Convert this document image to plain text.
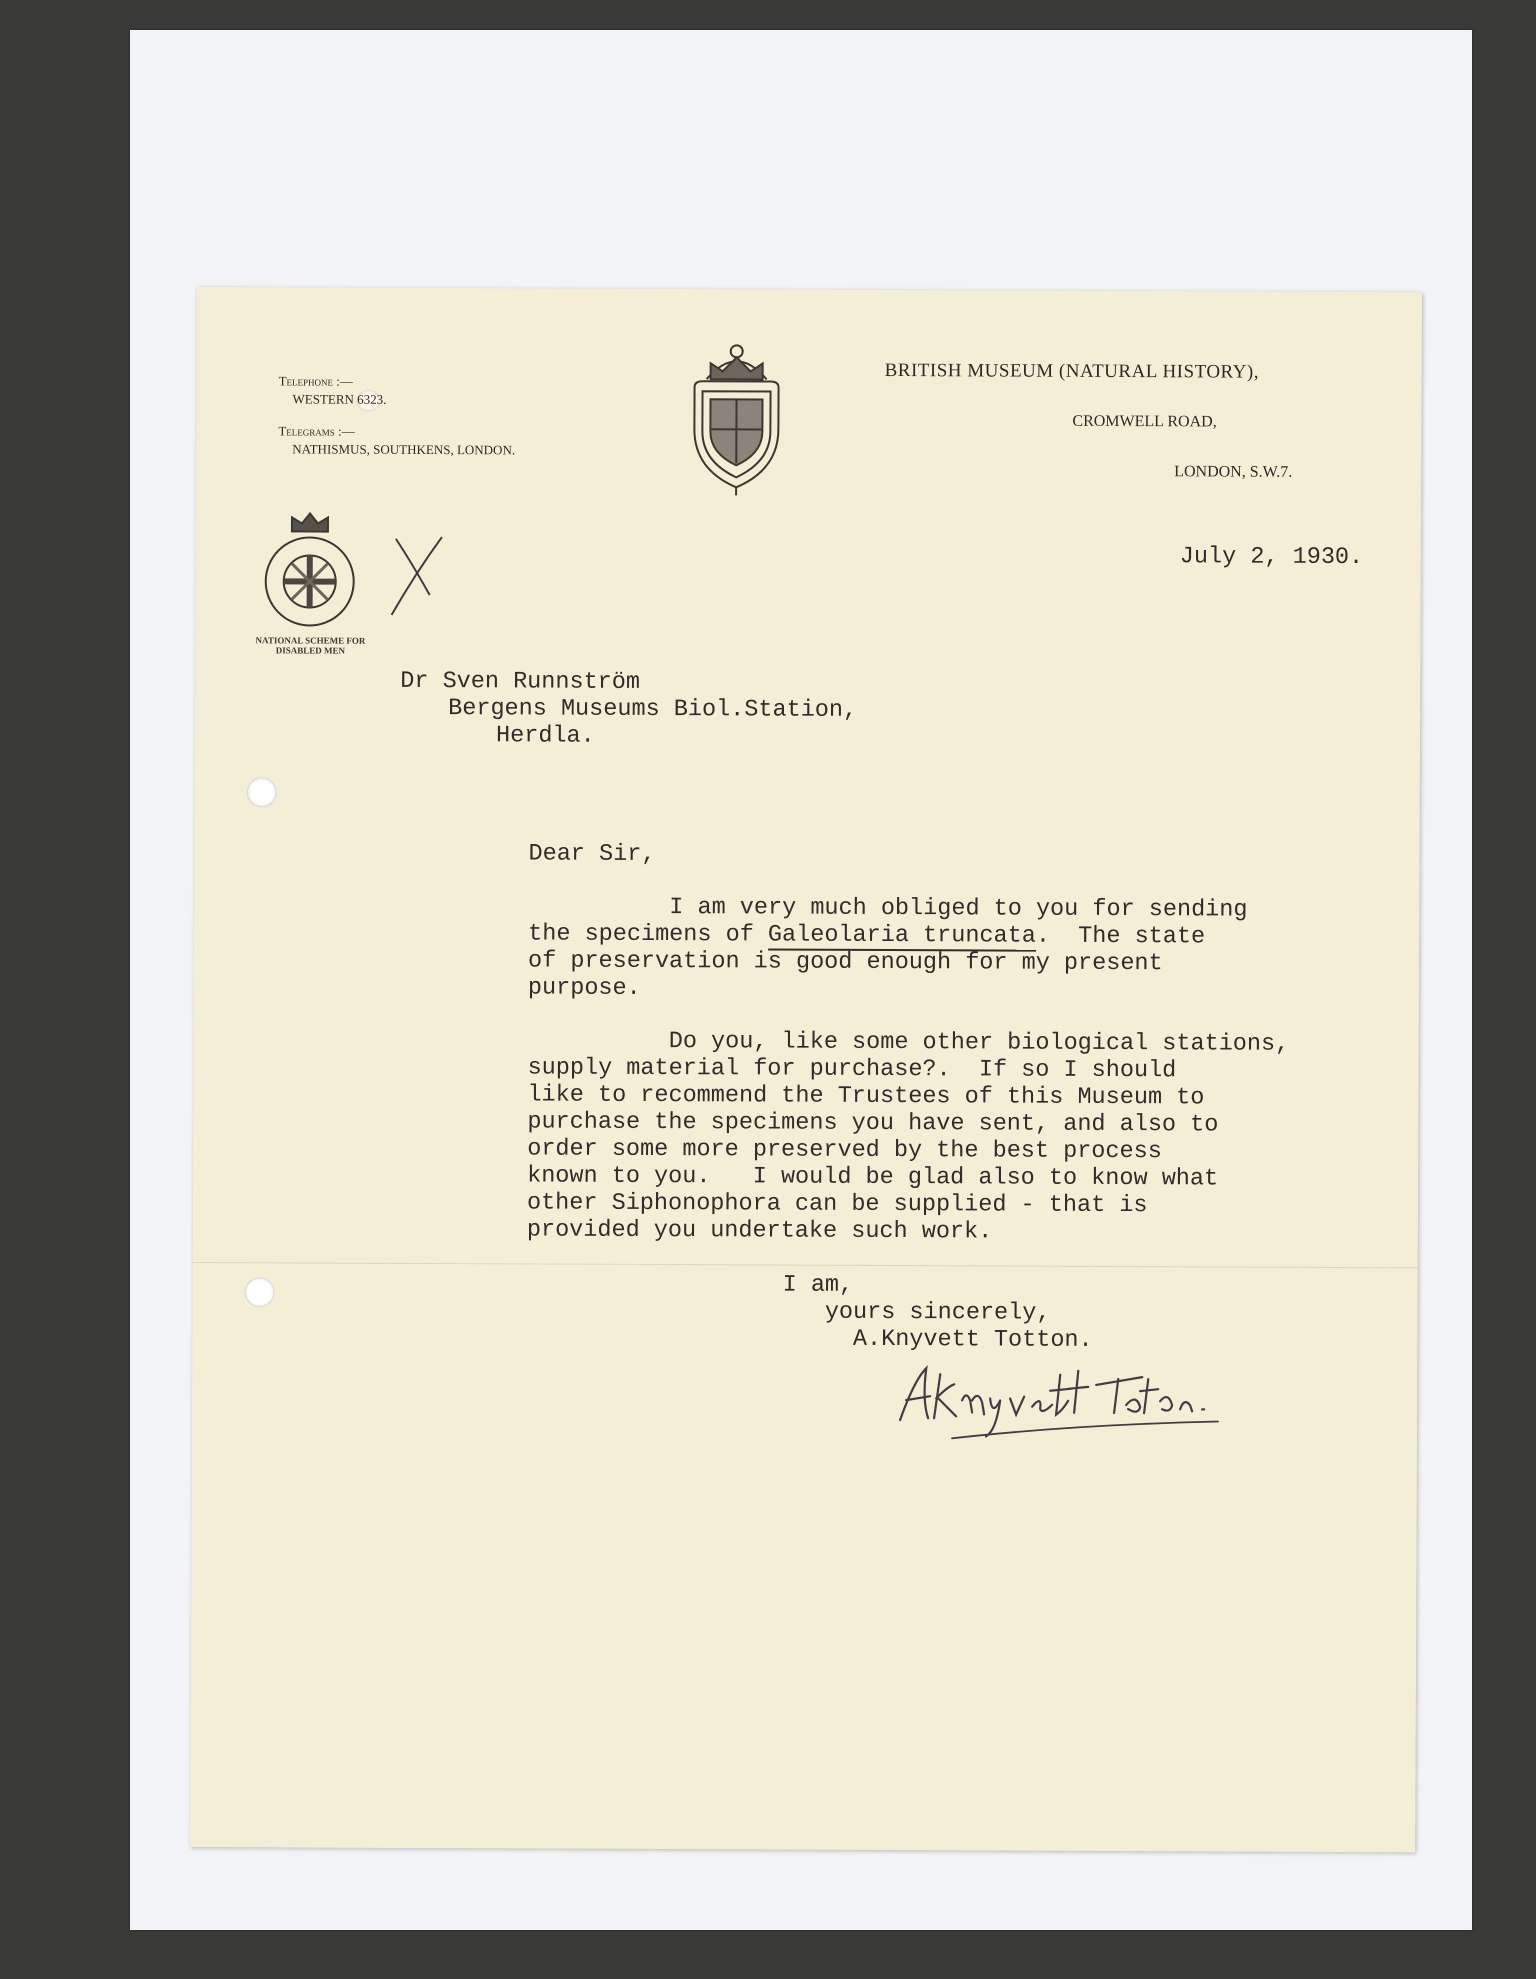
Telephone :—
WESTERN 6323.
Telegrams :—
NATHISMUS, SOUTHKENS, LONDON.
NATIONAL SCHEME FOR DISABLED MEN
BRITISH MUSEUM (NATURAL HISTORY),
CROMWELL ROAD,
LONDON, S.W.7.
July 2, 1930.
Dr Sven Runnström
Bergens Museums Biol.Station,
Herdla.

Dear Sir,

I am very much obliged to you for sending
the specimens of Galeolaria truncata.  The state
of preservation is good enough for my present
purpose.

Do you, like some other biological stations,
supply material for purchase?.  If so I should
like to recommend the Trustees of this Museum to
purchase the specimens you have sent, and also to
order some more preserved by the best process
known to you.   I would be glad also to know what
other Siphonophora can be supplied - that is
provided you undertake such work.

I am,
yours sincerely,
A.Knyvett Totton.
